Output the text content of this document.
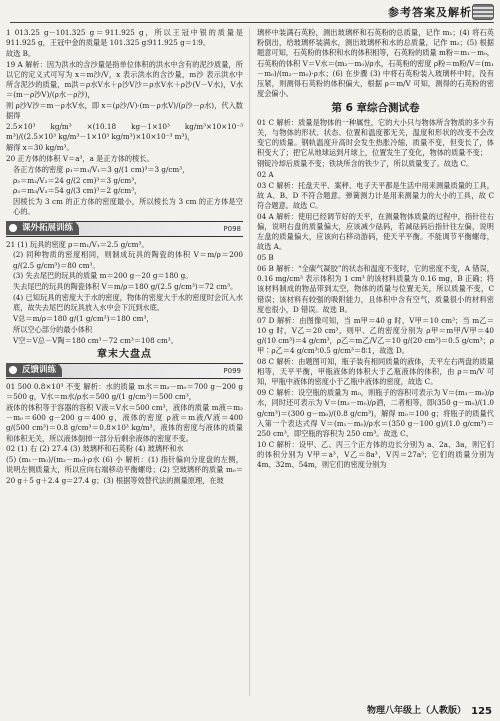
参考答案及解析

1 013.25 g－101.325 g＝911.925 g，所以王冠中银的质量是 911.925 g，王冠中金的质量是 101.325 g∶911.925 g＝1∶9。

故选 B。

19 A 解析：因为洪水的含沙量是指单位体积的洪水中含有的泥沙质量，所以它的定义式可写为 x＝m沙/V，x 表示洪水的含沙量，m沙 表示洪水中所含泥沙的质量，m洪＝ρ水V水＋ρ沙V沙＝ρ水V水＋ρ沙(V－V水)，V水＝(m－ρ沙V)/(ρ水－ρ沙)，

则 ρ沙V沙＝m－ρ水V水，即 x＝(ρ沙/V)·(m－ρ水V)/(ρ沙－ρ水)，代入数据得

2.5×10³ kg/m³ ×(10.18 kg－1×10³ kg/m³×10×10⁻³ m³)/((2.5×10³ kg/m³－1×10³ kg/m³)×10×10⁻³ m³)，

解得 x＝30 kg/m³。

20 正方体的体积 V＝a³，a 是正方体的棱长。

各正方体的密度 ρ₁＝m₁/V₁＝3 g/(1 cm)³＝3 g/cm³，

ρ₂＝m₂/V₂＝24 g/(2 cm)³＝3 g/cm³，

ρ₃＝m₃/V₃＝54 g/(3 cm)³＝2 g/cm³，

因棱长为 3 cm 的正方体的密度最小，所以棱长为 3 cm 的正方体是空心的。

课外拓展训练	P098

21 (1) 玩具的密度 ρ＝m₁/V₁＝2.5 g/cm³。

(2) 同种物质的密度相同，则制成玩具的陶瓷的体积 V＝m/ρ＝200 g/(2.5 g/cm³)＝80 cm³。

(3) 失去尾巴的玩具的质量 m＝200 g－20 g＝180 g。

失去尾巴的玩具的陶瓷体积 V＝m/ρ＝180 g/(2.5 g/cm³)＝72 cm³。

(4) 已知玩具的密度大于水的密度，物体的密度大于水的密度时会沉入水底，故失去尾巴的玩具放入水中会下沉到水底。

V总＝m/ρ＝180 g/(1 g/cm³)＝180 cm³，

所以空心部分的最小体积

V空＝V总－V陶＝180 cm³－72 cm³＝108 cm³。

章末大盘点
反馈训练	P099

01 500 0.8×10³ 不变 解析：水的质量 m水＝m₂－m₀＝700 g－200 g＝500 g，V水＝m水/ρ水＝500 g/(1 g/cm³)＝500 cm³，

液体的体积等于容器的容积 V液＝V水＝500 cm³，液体的质量 m液＝m₂－m₀＝600 g－200 g＝400 g，液体的密度 ρ液＝m液/V液＝400 g/(500 cm³)＝0.8 g/cm³＝0.8×10³ kg/m³，液体的密度与液体的质量和体积无关，所以液体倒掉一部分后剩余液体的密度不变。

02 (1) 右 (2) 27.4 (3) 玻璃杯和石英粉 (4) 玻璃杯和水

(5) (m₁－m₀)/(m₂－m₀)·ρ水 (6) 小 解析：(1) 指针偏向分度盘的左侧，说明左侧质量大，所以应向右端移动平衡螺母；(2) 空玻璃杯的质量 m₀＝20 g＋5 g＋2.4 g＝27.4 g；(3) 根据等效替代法的测量原理，在玻

璃杯中装满石英粉，测出玻璃杯和石英粉的总质量，记作 m₁；(4) 将石英粉倒出，给玻璃杯装满水，测出玻璃杯和水的总质量，记作 m₂；(5) 根据题意可知，石英粉的体积和水的体积相等，石英粉的质量 m粉＝m₁－m₀，石英粉的体积 V＝V水＝(m₂－m₀)/ρ水，石英粉的密度 ρ粉＝m粉/V＝(m₁－m₀)/(m₂－m₀)·ρ水；(6) 在步骤 (3) 中将石英粉装入玻璃杯中时，没有压紧，则测得石英粉的体积偏大，根据 ρ＝m/V 可知，测得的石英粉的密度会偏小。

第 6 章综合测试卷

01 C 解析：质量是物体的一种属性，它的大小只与物体所含物质的多少有关，与物体的形状、状态、位置和温度都无关，温度和形状的改变不会改变它的质量。钢轨温度升高时会发生热胀冷缩，质量不变，但变长了，体积变大了；把它从地球运到月球上，位置发生了变化，物体的质量不变；

钢锭冷却后质量不变；铁块所含的铁少了，所以质量变了。故选 C。

02 A

03 C 解析：托盘天平、案秤、电子天平都是生活中用来测量质量的工具，故 A、B、D 不符合题意。弹簧测力计是用来测量力的大小的工具，故 C 符合题意。故选 C。

04 A 解析：使用已经调节好的天平，在测量物体质量的过程中，指针往右偏，说明右盘的质量偏大，应该减少砝码，若减砝码后指针往左偏，说明左盘的质量偏大，应该向右移动游码，使天平平衡。不能调节平衡螺母，故选 A。

05 B

06 B 解析：“全碳气凝胶”的状态和温度不变时，它的密度不变，A 错误，0.16 mg/cm³ 表示体积为 1 cm³ 的该材料质量为 0.16 mg，B 正确；将该材料制成的物品带到太空，物体的质量与位置无关，所以质量不变，C 错误；该材料有较强的吸附能力，且体积中含有空气，质量很小的材料密度也很小，D 错误。故选 B。

07 D 解析：由图像可知，当 m甲＝40 g 时，V甲＝10 cm³；当 m乙＝10 g 时，V乙＝20 cm³，则甲、乙的密度分别为 ρ甲＝m甲/V甲＝40 g/(10 cm³)＝4 g/cm³，ρ乙＝m乙/V乙＝10 g/(20 cm³)＝0.5 g/cm³；ρ甲∶ρ乙＝4 g/cm³∶0.5 g/cm³＝8∶1，故选 D。

08 C 解析：由题图可知，瓶子装有相同质量的液体，天平左右两盘的质量相等，天平平衡，甲瓶液体的体积大于乙瓶液体的体积，由 ρ＝m/V 可知，甲瓶中液体的密度小于乙瓶中液体的密度，故选 C。

09 C 解析：设空瓶的质量为 m₀，则瓶子的容积可表示为 V＝(m₁－m₀)/ρ水，同时还可表示为 V＝(m₂－m₀)/ρ酒，二者相等，即(350 g－m₀)/(1.0 g/cm³)＝(300 g－m₀)/(0.8 g/cm³)，解得 m₀＝100 g；将瓶子的质量代入第一个表达式得 V＝(m₁－m₀)/ρ水＝(350 g－100 g)/(1.0 g/cm³)＝250 cm³，即空瓶的容积为 250 cm³。故选 C。

10 C 解析：设甲、乙、丙三个正方体的边长分别为 a、2a、3a，则它们的体积分别为 V甲＝a³，V乙＝8a³，V丙＝27a³；它们的质量分别为 4m、32m、54m，则它们的密度分别为

物理八年级上（人教版） 125
